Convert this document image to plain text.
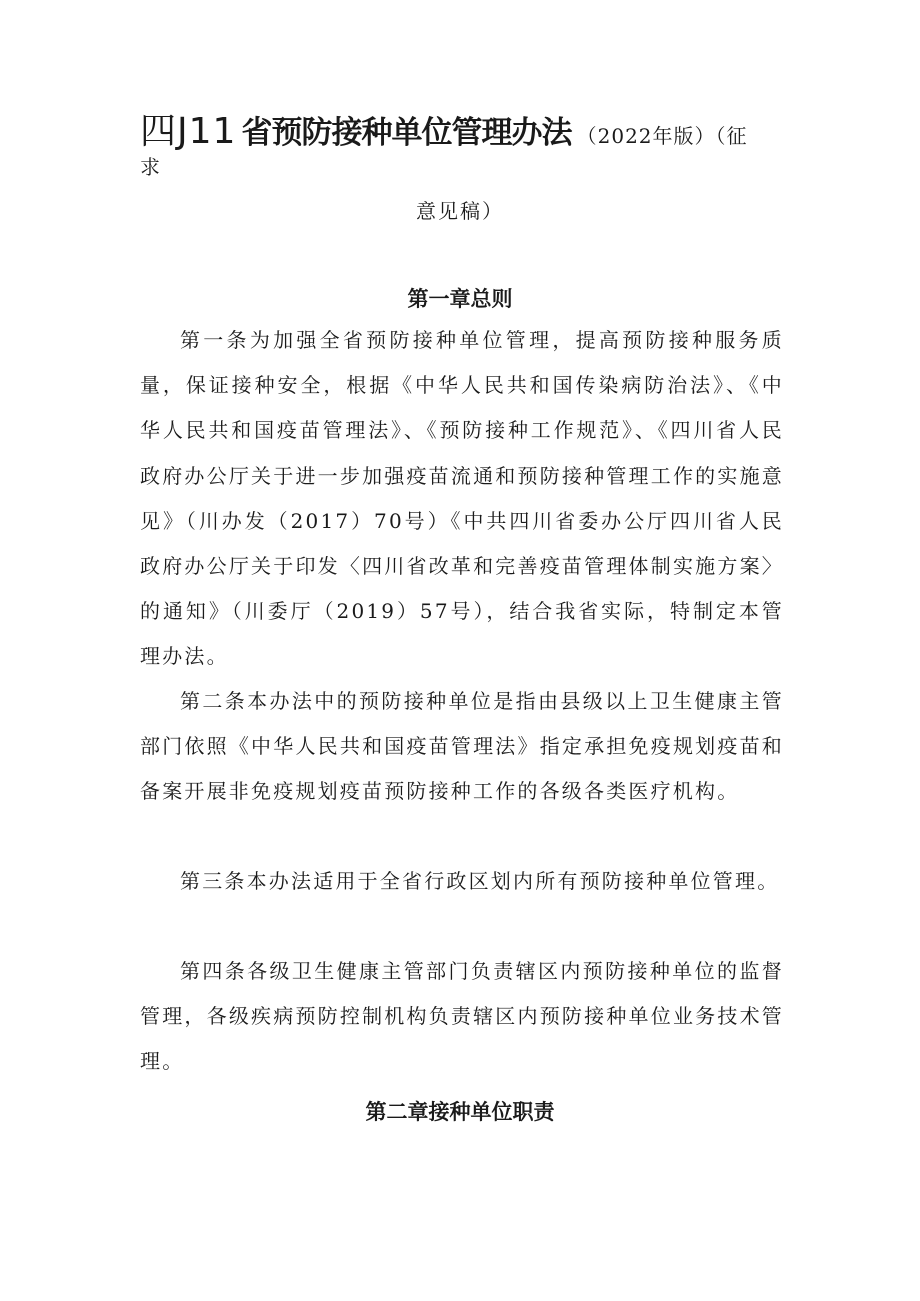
四J11 省预防接种单位管理办法 （2022年版）（征
求
意见稿）
第一章总则

第一条为加强全省预防接种单位管理，提高预防接种服务质量，保证接种安全，根据《中华人民共和国传染病防治法》、《中华人民共和国疫苗管理法》、《预防接种工作规范》、《四川省人民政府办公厅关于进一步加强疫苗流通和预防接种管理工作的实施意见》（川办发（2017）70号）《中共四川省委办公厅四川省人民政府办公厅关于印发〈四川省改革和完善疫苗管理体制实施方案〉的通知》（川委厅（2019）57号），结合我省实际，特制定本管理办法。

第二条本办法中的预防接种单位是指由县级以上卫生健康主管部门依照《中华人民共和国疫苗管理法》指定承担免疫规划疫苗和备案开展非免疫规划疫苗预防接种工作的各级各类医疗机构。

第三条本办法适用于全省行政区划内所有预防接种单位管理。

第四条各级卫生健康主管部门负责辖区内预防接种单位的监督管理，各级疾病预防控制机构负责辖区内预防接种单位业务技术管理。

第二章接种单位职责
